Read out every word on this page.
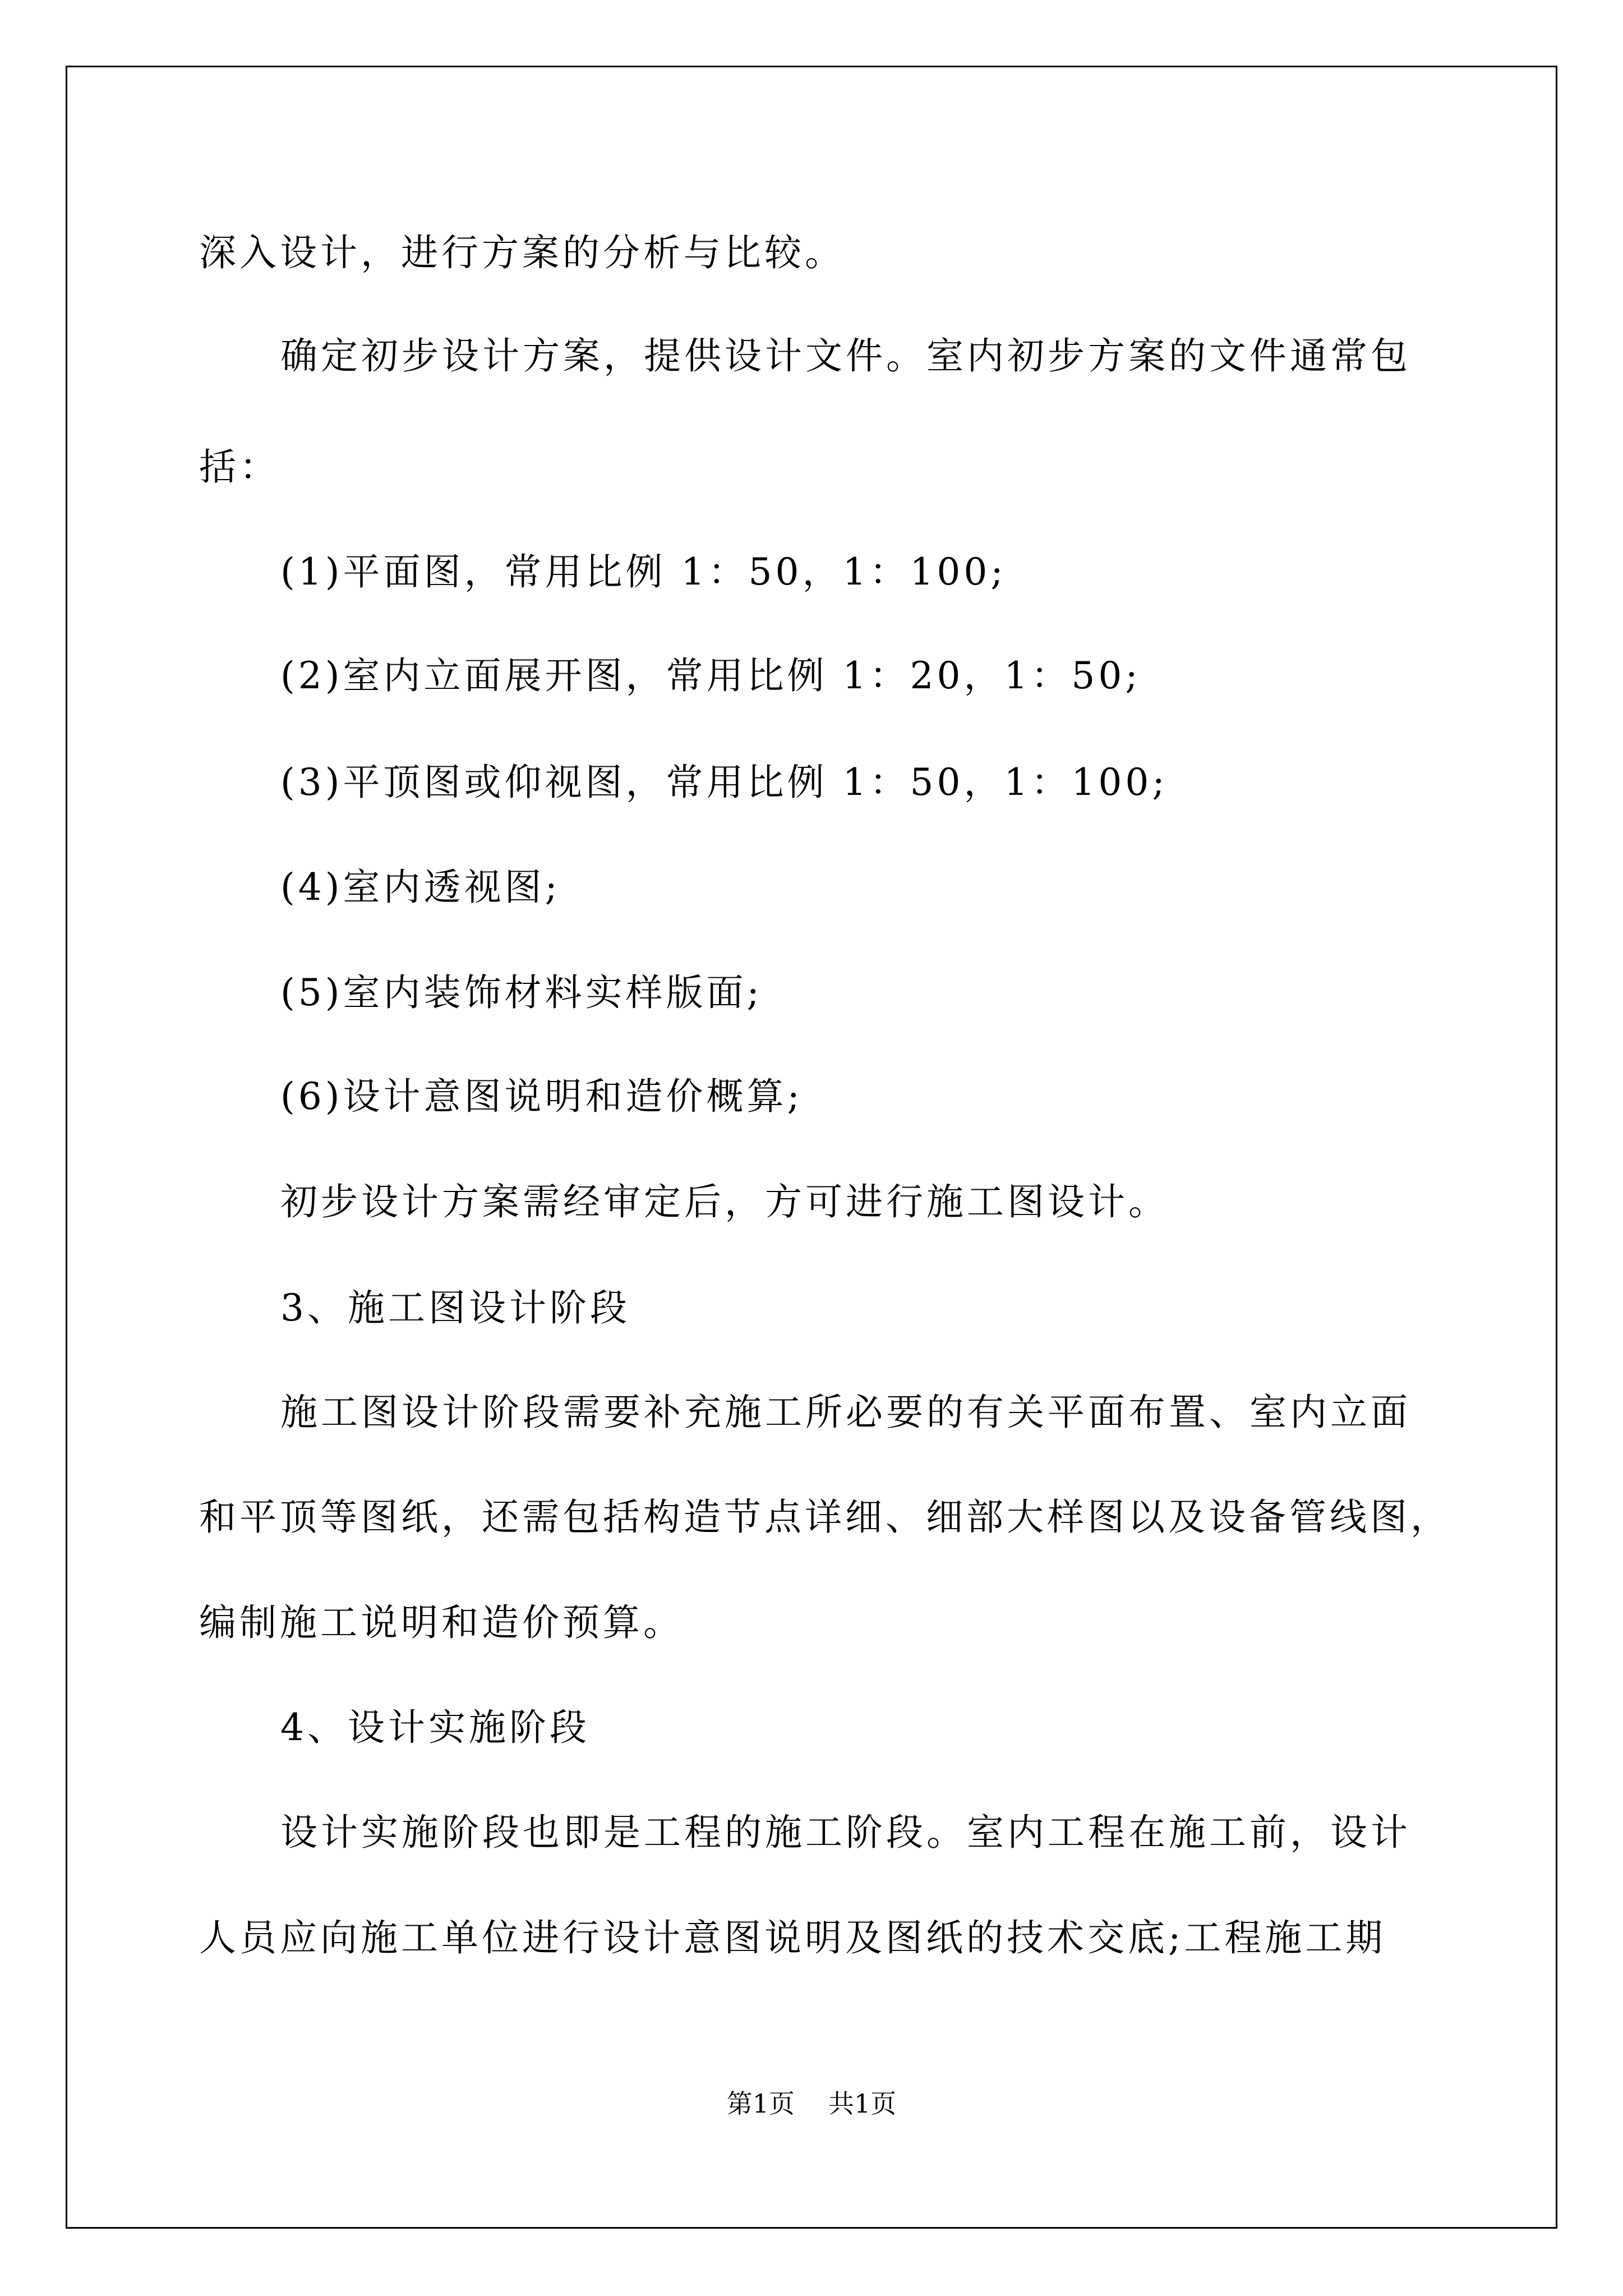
深入设计，进行方案的分析与比较。
确定初步设计方案，提供设计文件。室内初步方案的文件通常包
括：
(1)平面图，常用比例 1：50，1：100;
(2)室内立面展开图，常用比例 1：20，1：50;
(3)平顶图或仰视图，常用比例 1：50，1：100;
(4)室内透视图;
(5)室内装饰材料实样版面;
(6)设计意图说明和造价概算;
初步设计方案需经审定后，方可进行施工图设计。
3、施工图设计阶段
施工图设计阶段需要补充施工所必要的有关平面布置、室内立面
和平顶等图纸，还需包括构造节点详细、细部大样图以及设备管线图，
编制施工说明和造价预算。
4、设计实施阶段
设计实施阶段也即是工程的施工阶段。室内工程在施工前，设计
人员应向施工单位进行设计意图说明及图纸的技术交底;工程施工期
第1页 共1页
